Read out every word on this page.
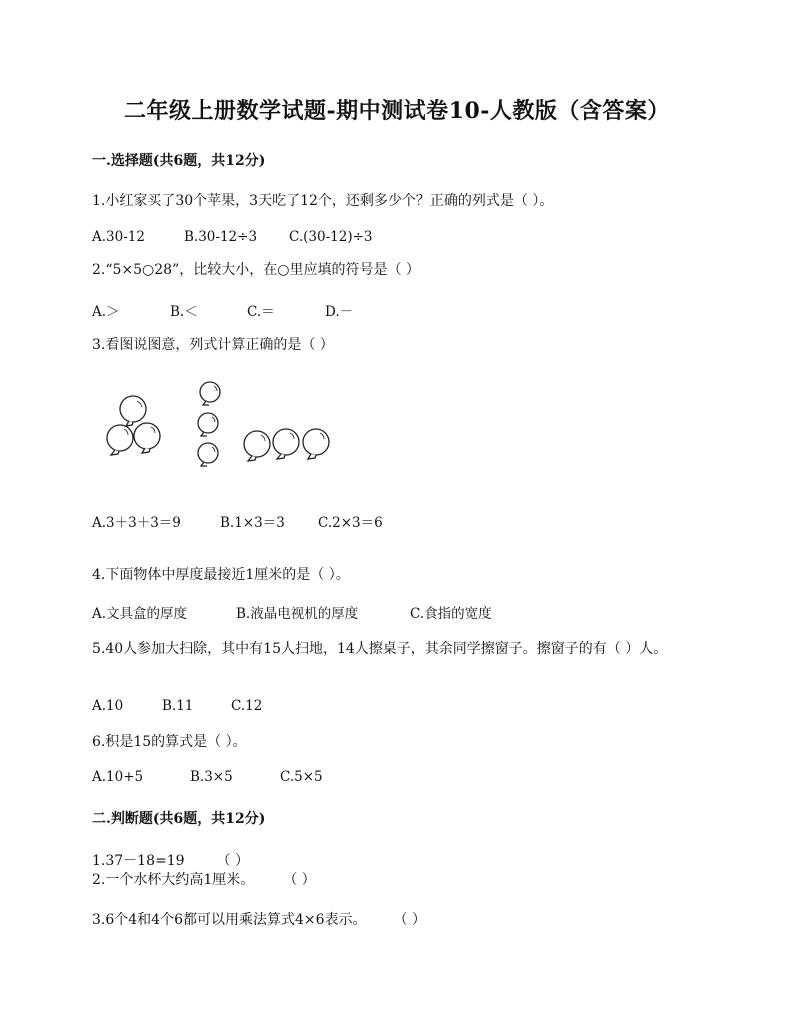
二年级上册数学试题-期中测试卷10-人教版（含答案）
一.选择题(共6题，共12分)
1.小红家买了30个苹果，3天吃了12个，还剩多少个？正确的列式是（ ）。
A.30-12	B.30-12÷3 C.(30-12)÷3
2.“5×5○28”，比较大小，在○里应填的符号是（ ）
A.＞	B.＜	C.＝	D.－
3.看图说图意，列式计算正确的是（ ）
A.3＋3＋3＝9	B.1×3＝3 C.2×3＝6
4.下面物体中厚度最接近1厘米的是（ ）。
A.文具盒的厚度	B.液晶电视机的厚度	C.食指的宽度
5.40人参加大扫除，其中有15人扫地，14人擦桌子，其余同学擦窗子。擦窗子的有（ ）人。
A.10	B.11	C.12
6.积是15的算式是（ ）。
A.10+5	B.3×5	C.5×5
二.判断题(共6题，共12分)
1.37－18=19 （ ）
2.一个水杯大约高1厘米。	（ ）
3.6个4和4个6都可以用乘法算式4×6表示。 （ ）
